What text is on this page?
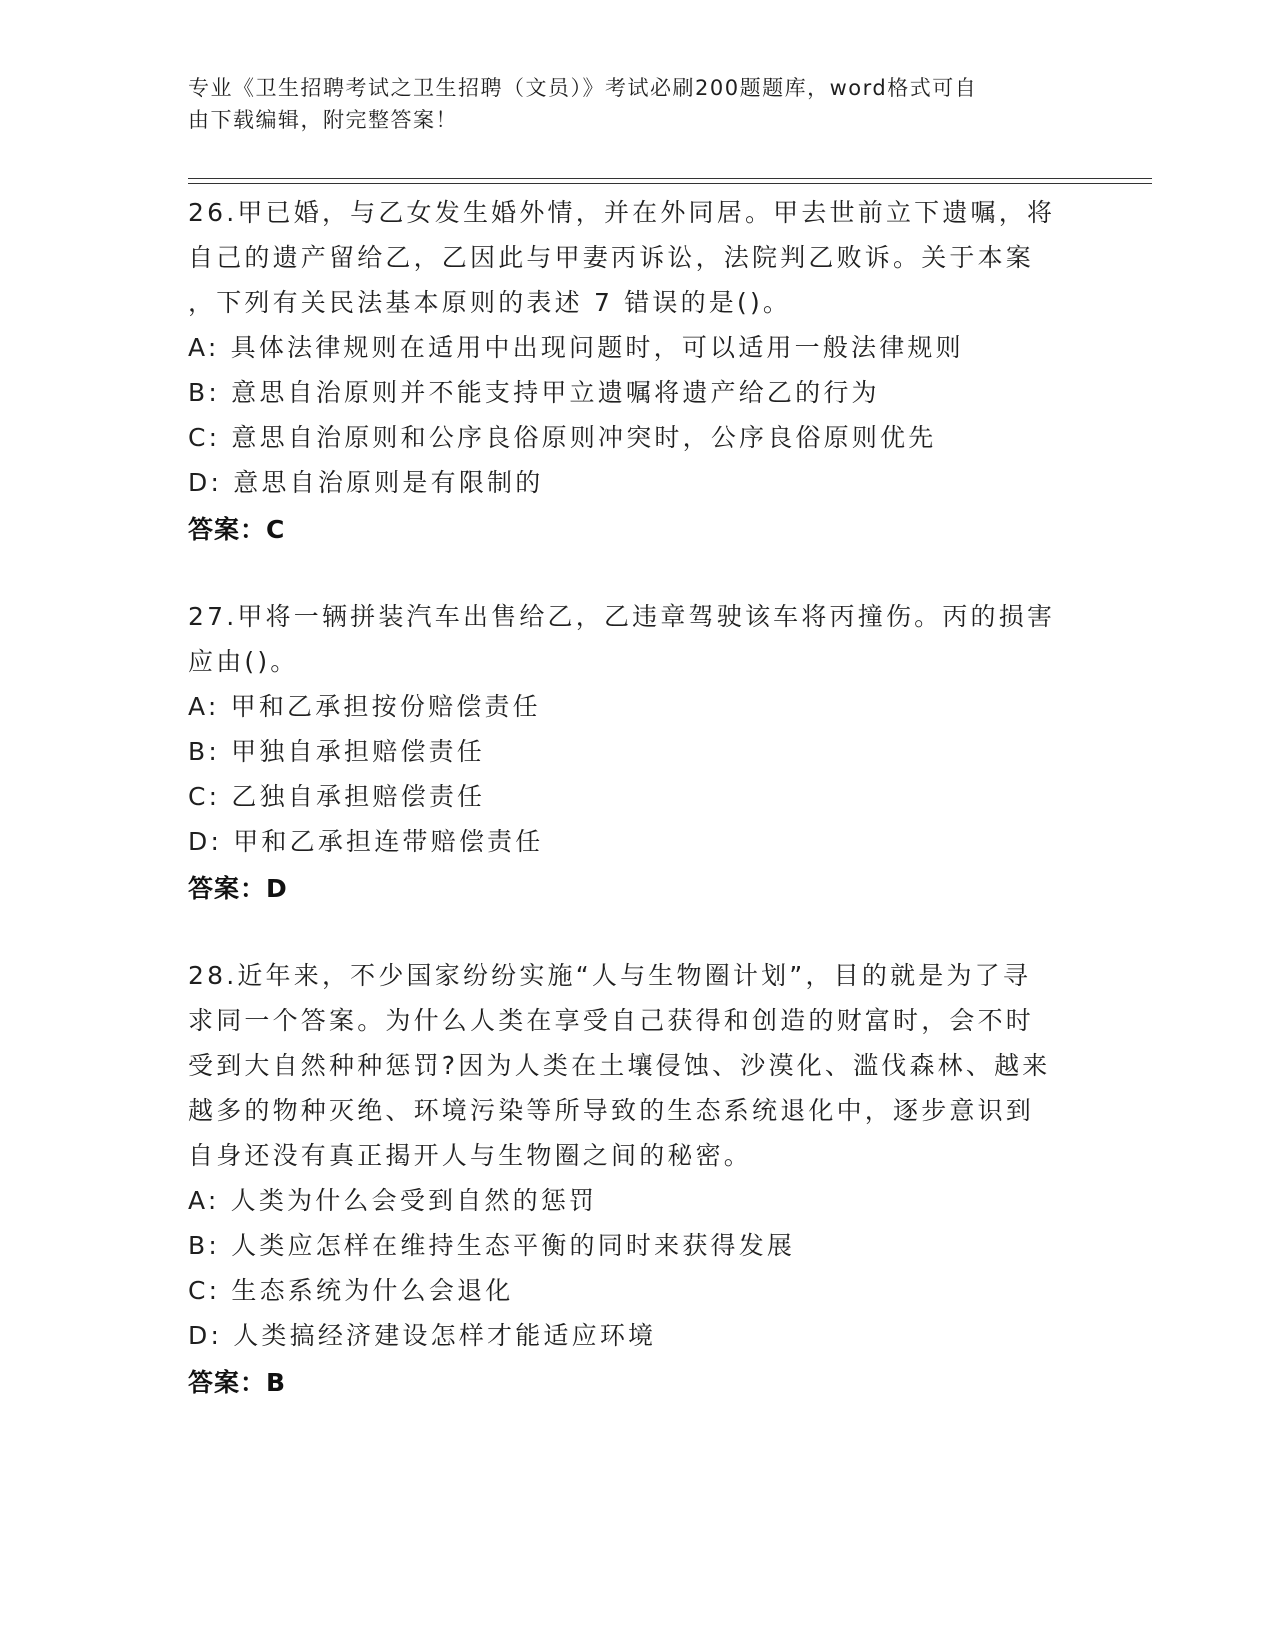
专业《卫生招聘考试之卫生招聘（文员）》考试必刷200题题库，word格式可自
由下载编辑，附完整答案！

26.甲已婚，与乙女发生婚外情，并在外同居。甲去世前立下遗嘱，将

自己的遗产留给乙，乙因此与甲妻丙诉讼，法院判乙败诉。关于本案

，下列有关民法基本原则的表述 7 错误的是()。

A: 具体法律规则在适用中出现问题时，可以适用一般法律规则

B: 意思自治原则并不能支持甲立遗嘱将遗产给乙的行为

C: 意思自治原则和公序良俗原则冲突时，公序良俗原则优先

D: 意思自治原则是有限制的

答案：C

27.甲将一辆拼装汽车出售给乙，乙违章驾驶该车将丙撞伤。丙的损害

应由()。

A: 甲和乙承担按份赔偿责任

B: 甲独自承担赔偿责任

C: 乙独自承担赔偿责任

D: 甲和乙承担连带赔偿责任

答案：D

28.近年来，不少国家纷纷实施“人与生物圈计划”，目的就是为了寻

求同一个答案。为什么人类在享受自己获得和创造的财富时，会不时

受到大自然种种惩罚?因为人类在土壤侵蚀、沙漠化、滥伐森林、越来

越多的物种灭绝、环境污染等所导致的生态系统退化中，逐步意识到

自身还没有真正揭开人与生物圈之间的秘密。

A: 人类为什么会受到自然的惩罚

B: 人类应怎样在维持生态平衡的同时来获得发展

C: 生态系统为什么会退化

D: 人类搞经济建设怎样才能适应环境

答案：B
